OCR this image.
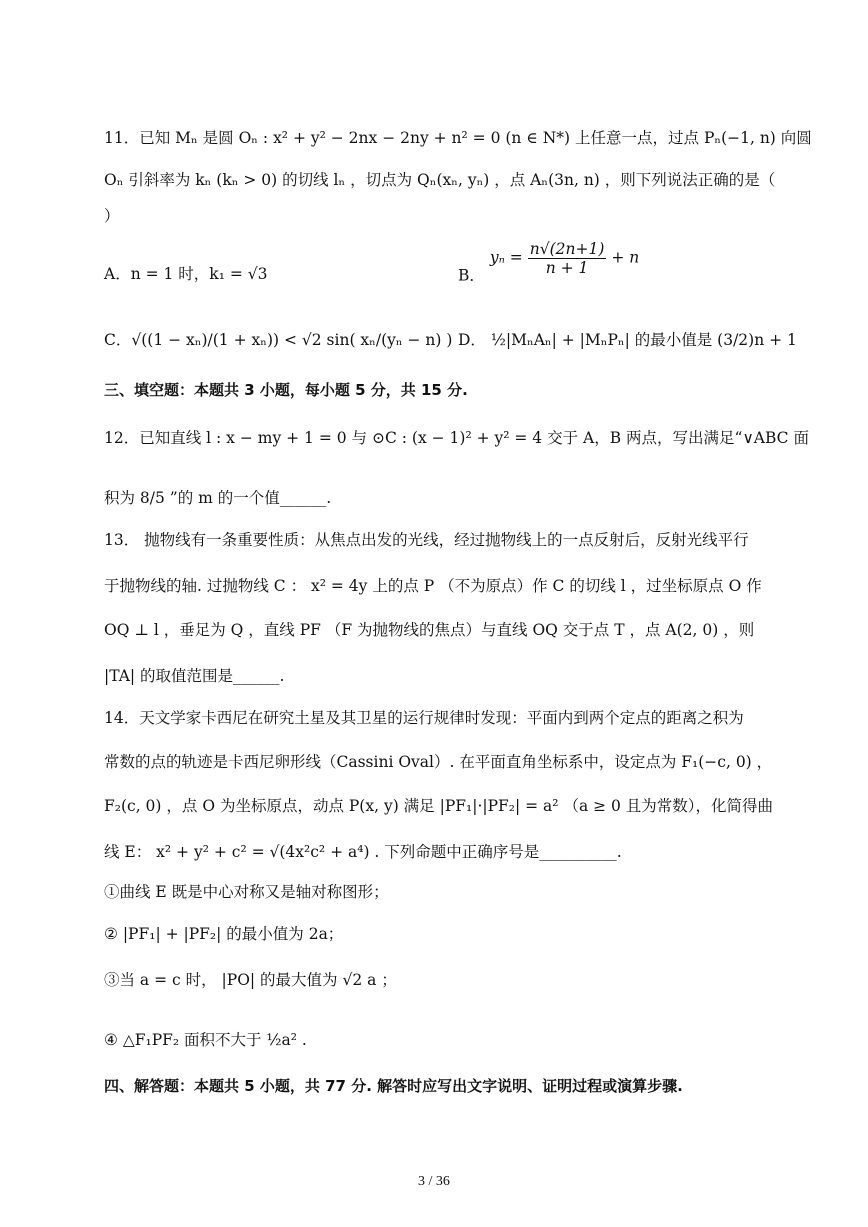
11．已知 Mₙ 是圆 Oₙ : x² + y² − 2nx − 2ny + n² = 0 (n ∈ N*) 上任意一点，过点 Pₙ(−1, n) 向圆
Oₙ 引斜率为 kₙ (kₙ > 0) 的切线 lₙ ，切点为 Qₙ(xₙ, yₙ) ，点 Aₙ(3n, n) ，则下列说法正确的是（
）
A．n = 1 时，k₁ = √3	B． $y_n = \frac{n√(2n+1)}{n + 1} + n$
C．√((1 − xₙ)/(1 + xₙ)) < √2 sin( xₙ/(yₙ − n) ) D． ½|MₙAₙ| + |MₙPₙ| 的最小值是 (3/2)n + 1
三、填空题：本题共 3 小题，每小题 5 分，共 15 分.
12．已知直线 l : x − my + 1 = 0 与 ⊙C : (x − 1)² + y² = 4 交于 A，B 两点，写出满足“∨ABC 面
积为 8/5 ”的 m 的一个值______.
13． 抛物线有一条重要性质：从焦点出发的光线，经过抛物线上的一点反射后，反射光线平行
于抛物线的轴. 过抛物线 C ： x² = 4y 上的点 P （不为原点）作 C 的切线 l ，过坐标原点 O 作
OQ ⊥ l ，垂足为 Q ，直线 PF （F 为抛物线的焦点）与直线 OQ 交于点 T ，点 A(2, 0) ，则
|TA| 的取值范围是______.
14．天文学家卡西尼在研究土星及其卫星的运行规律时发现：平面内到两个定点的距离之积为
常数的点的轨迹是卡西尼卵形线（Cassini Oval）. 在平面直角坐标系中，设定点为 F₁(−c, 0) ，
F₂(c, 0) ，点 O 为坐标原点，动点 P(x, y) 满足 |PF₁|·|PF₂| = a² （a ≥ 0 且为常数），化简得曲
线 E： x² + y² + c² = √(4x²c² + a⁴) . 下列命题中正确序号是__________.
①曲线 E 既是中心对称又是轴对称图形；
② |PF₁| + |PF₂| 的最小值为 2a；
③当 a = c 时， |PO| 的最大值为 √2 a ；
④ △F₁PF₂ 面积不大于 ½a² .
四、解答题：本题共 5 小题，共 77 分. 解答时应写出文字说明、证明过程或演算步骤.
3 / 36
